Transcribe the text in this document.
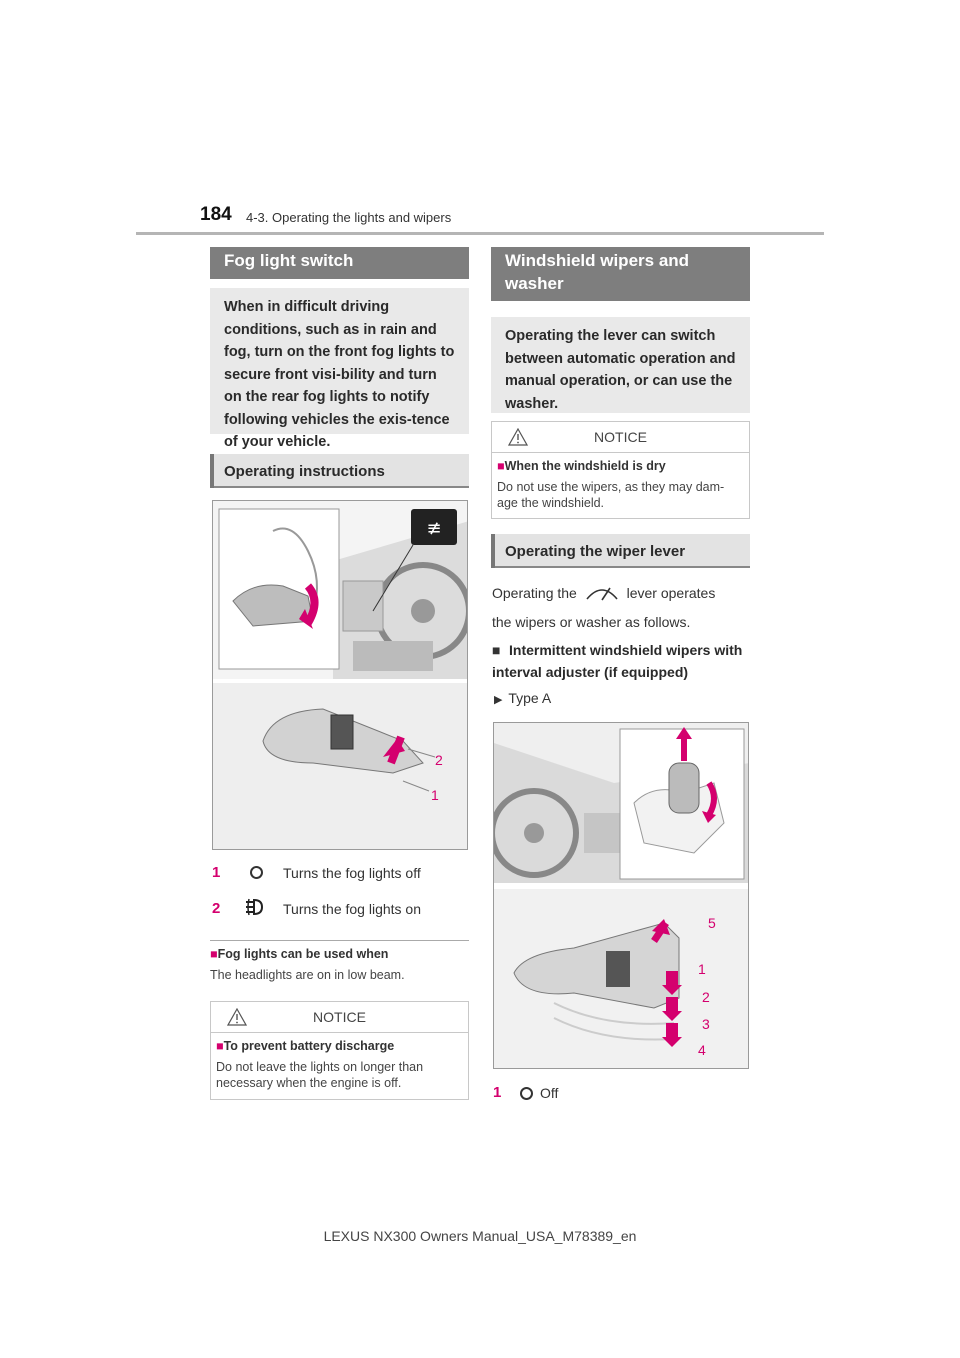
184 4-3. Operating the lights and wipers
Fog light switch
When in difficult driving conditions, such as in rain and fog, turn on the front fog lights to secure front visi-bility and turn on the rear fog lights to notify following vehicles the exis-tence of your vehicle.
Operating instructions
≢
2
1
1	Turns the fog lights off
2	Turns the fog lights on
■Fog lights can be used when
The headlights are on in low beam.
NOTICE
■To prevent battery discharge
Do not leave the lights on longer than necessary when the engine is off.
Windshield wipers and washer
Operating the lever can switch between automatic operation and manual operation, or can use the washer.
NOTICE
■When the windshield is dry
Do not use the wipers, as they may dam-age the windshield.
Operating the wiper lever
Operating the	lever operates
the wipers or washer as follows.
■ Intermittent windshield wipers with interval adjuster (if equipped)
▶ Type A
5
1
2
3
4
1	Off
LEXUS NX300 Owners Manual_USA_M78389_en
